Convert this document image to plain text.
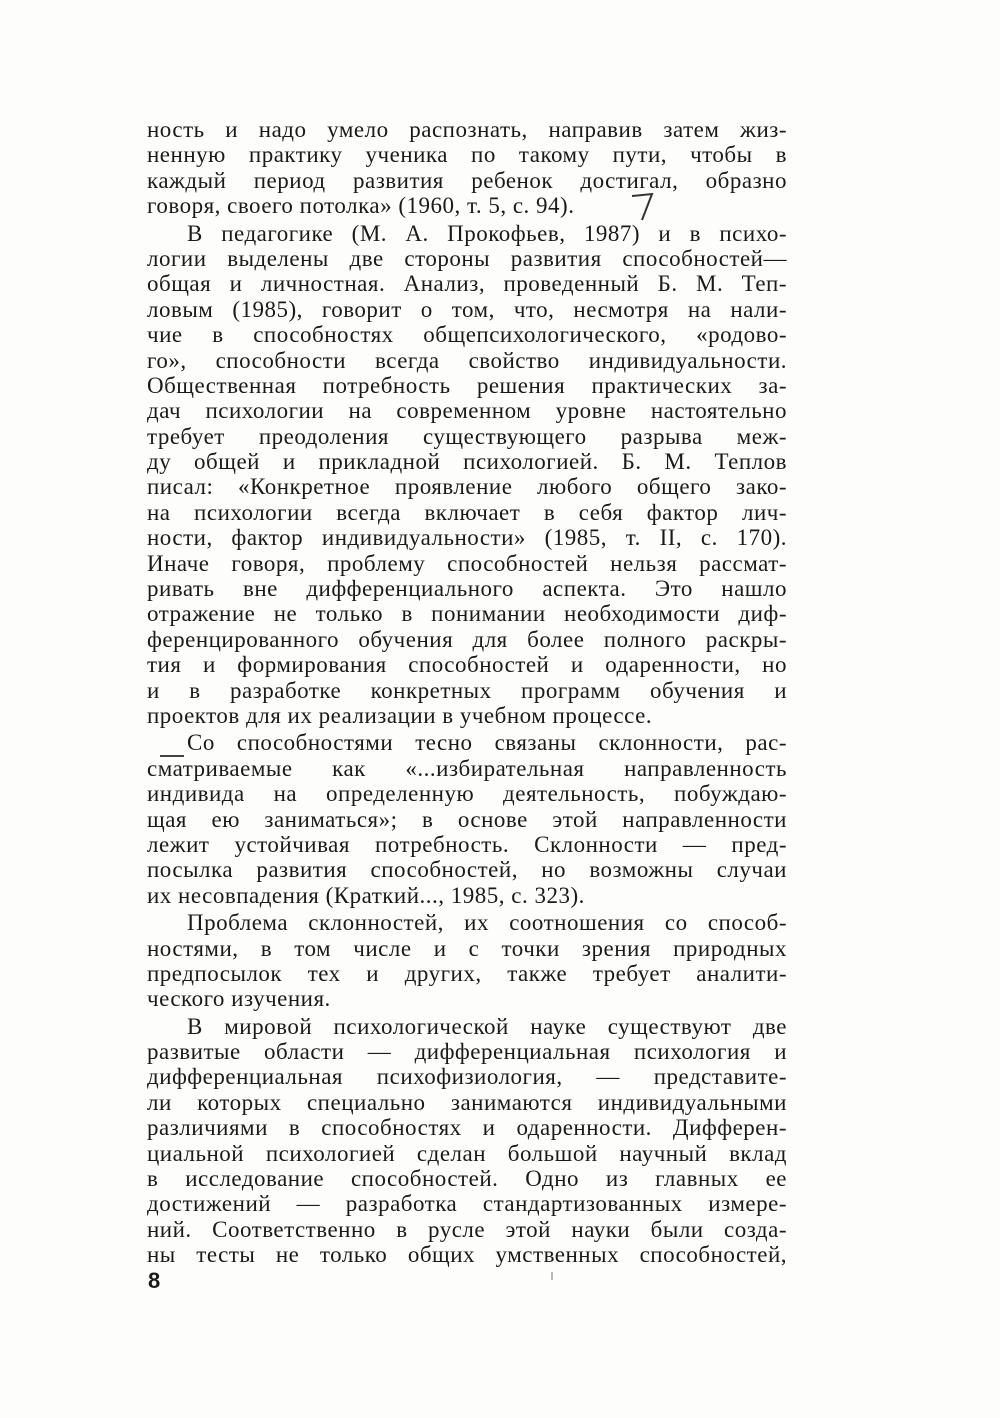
ность и надо умело распознать, направив затем жиз-
ненную практику ученика по такому пути, чтобы в
каждый период развития ребенок достигал, образно
говоря, своего потолка» (1960, т. 5, с. 94).
В педагогике (М. А. Прокофьев, 1987) и в психо-
логии выделены две стороны развития способностей—
общая и личностная. Анализ, проведенный Б. М. Теп-
ловым (1985), говорит о том, что, несмотря на нали-
чие в способностях общепсихологического, «родово-
го», способности всегда свойство индивидуальности.
Общественная потребность решения практических за-
дач психологии на современном уровне настоятельно
требует преодоления существующего разрыва меж-
ду общей и прикладной психологией. Б. М. Теплов
писал: «Конкретное проявление любого общего зако-
на психологии всегда включает в себя фактор лич-
ности, фактор индивидуальности» (1985, т. II, с. 170).
Иначе говоря, проблему способностей нельзя рассмат-
ривать вне дифференциального аспекта. Это нашло
отражение не только в понимании необходимости диф-
ференцированного обучения для более полного раскры-
тия и формирования способностей и одаренности, но
и в разработке конкретных программ обучения и
проектов для их реализации в учебном процессе.
Со способностями тесно связаны склонности, рас-
сматриваемые как «...избирательная направленность
индивида на определенную деятельность, побуждаю-
щая ею заниматься»; в основе этой направленности
лежит устойчивая потребность. Склонности — пред-
посылка развития способностей, но возможны случаи
их несовпадения (Краткий..., 1985, с. 323).
Проблема склонностей, их соотношения со способ-
ностями, в том числе и с точки зрения природных
предпосылок тех и других, также требует аналити-
ческого изучения.
В мировой психологической науке существуют две
развитые области — дифференциальная психология и
дифференциальная психофизиология, — представите-
ли которых специально занимаются индивидуальными
различиями в способностях и одаренности. Дифферен-
циальной психологией сделан большой научный вклад
в исследование способностей. Одно из главных ее
достижений — разработка стандартизованных измере-
ний. Соответственно в русле этой науки были созда-
ны тесты не только общих умственных способностей,
8
